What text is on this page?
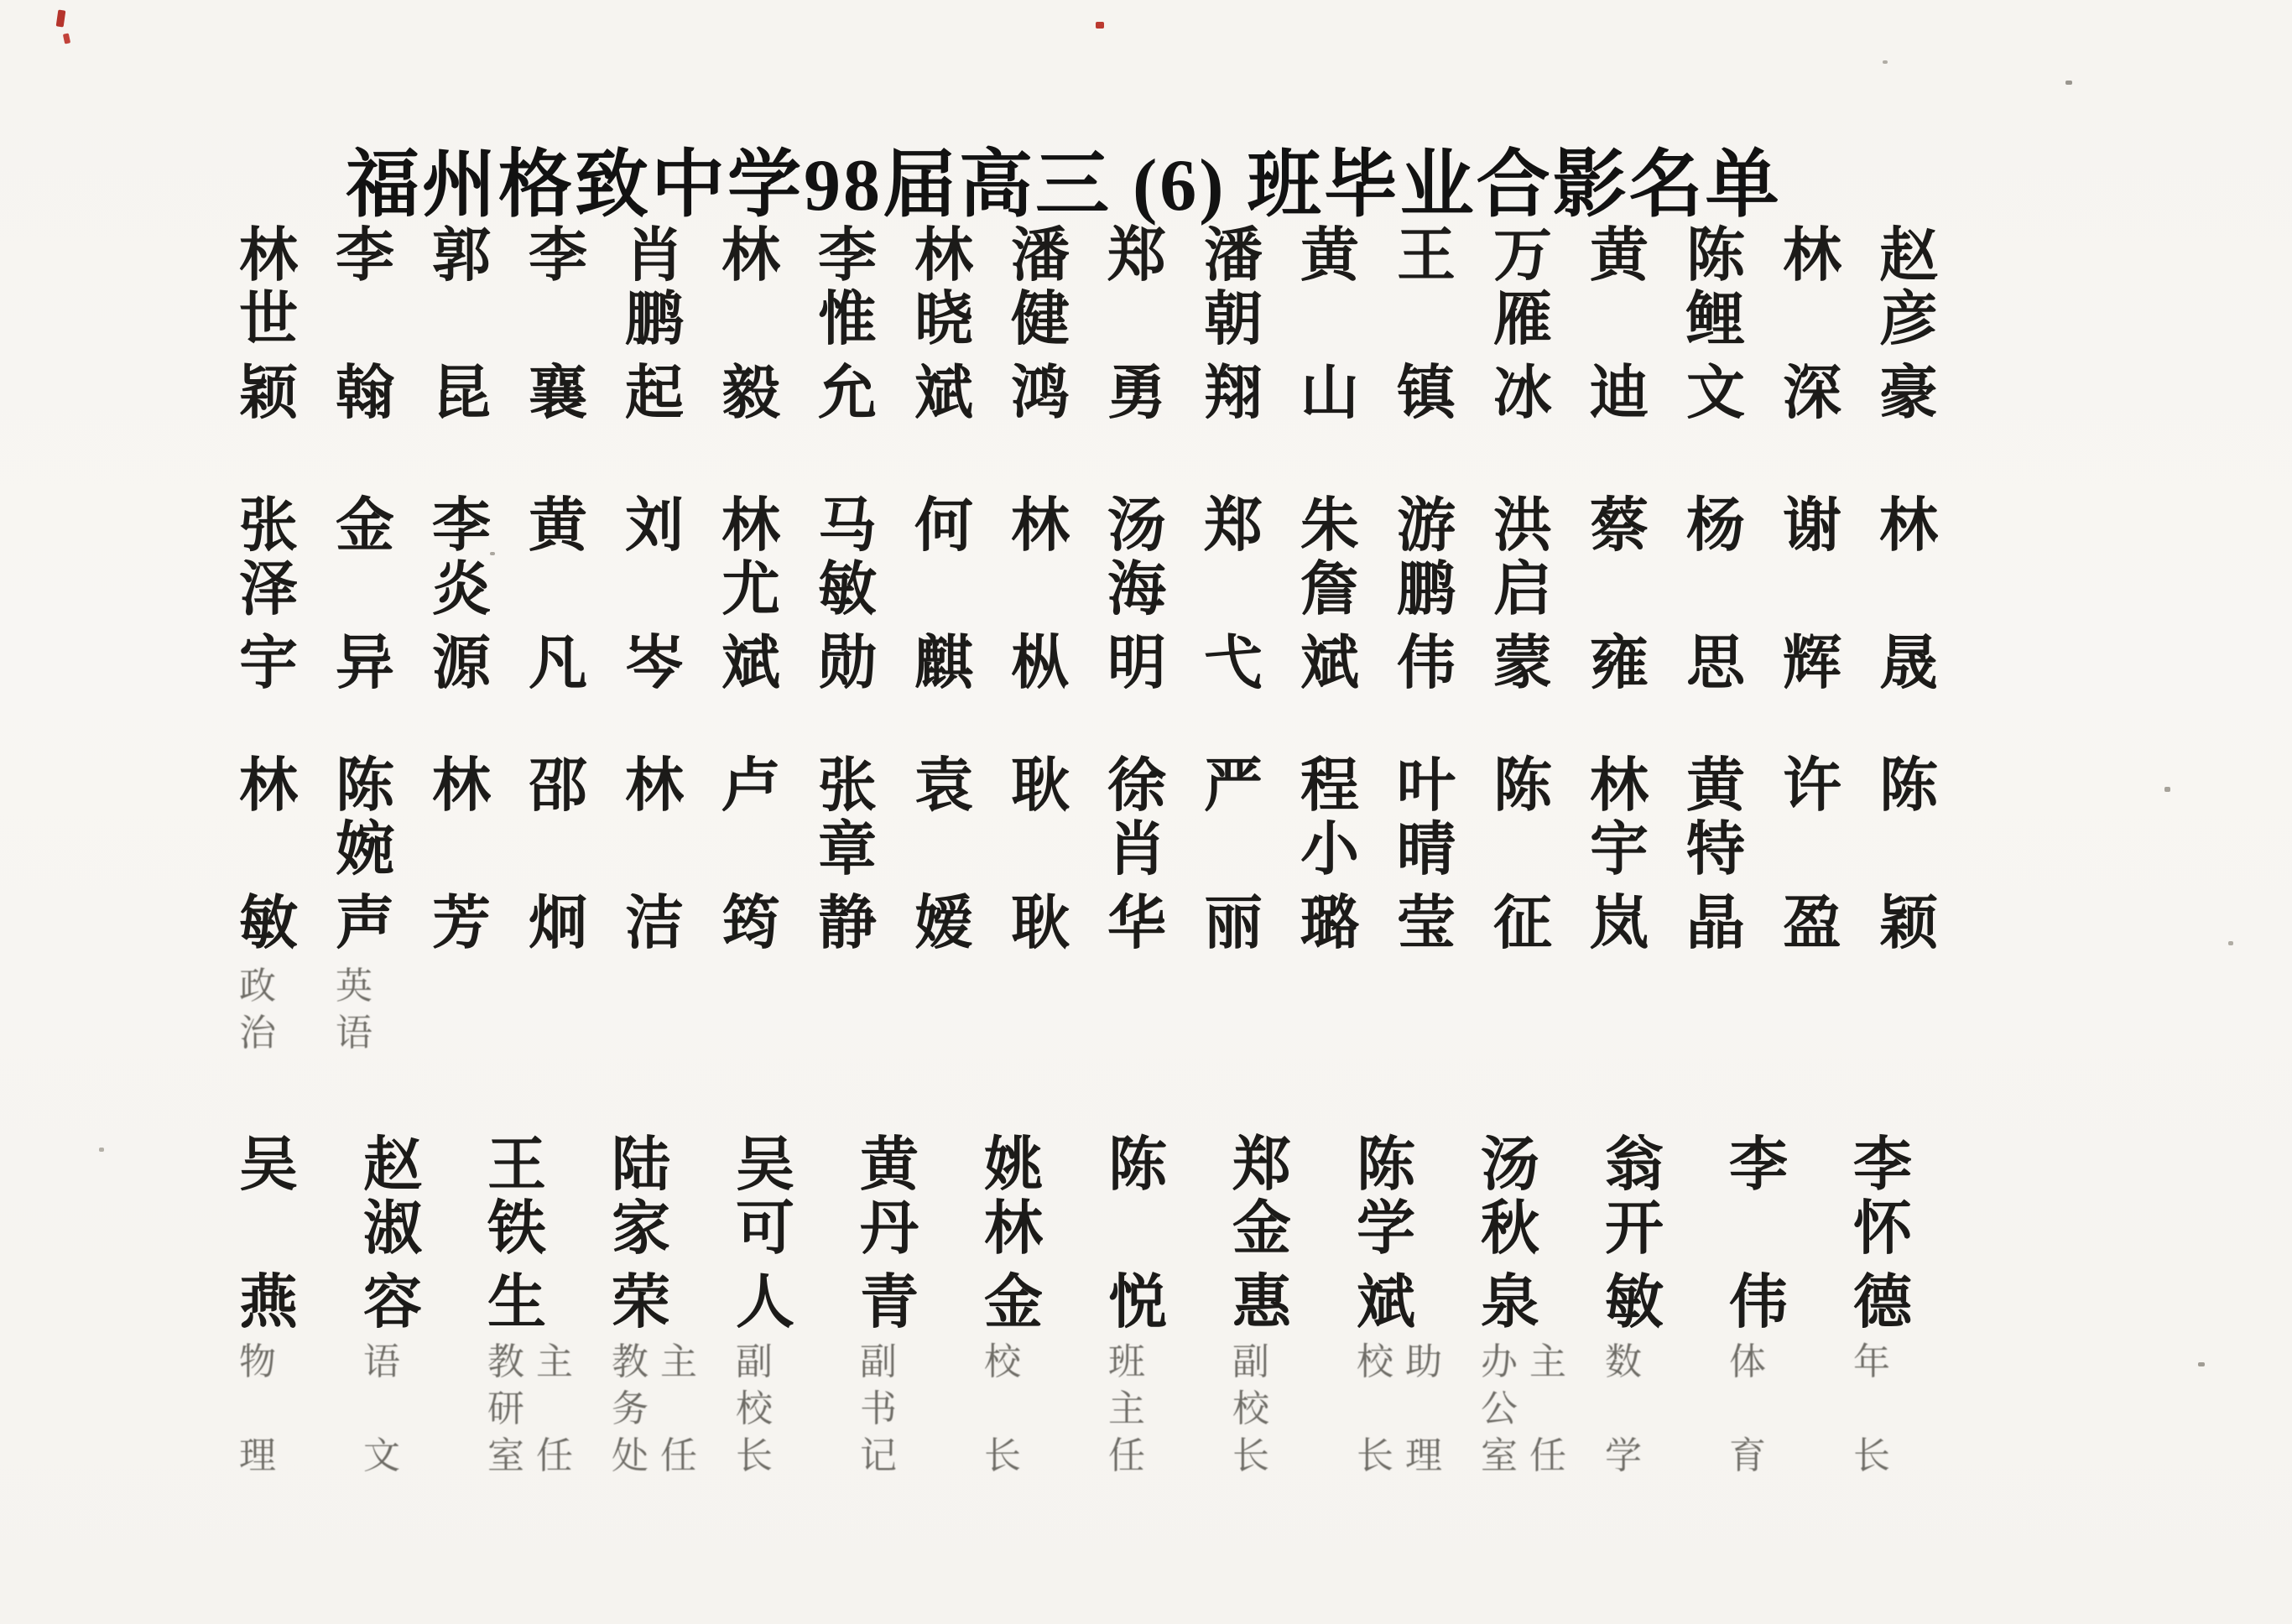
福州格致中学98届高三 (6) 班毕业合影名单
林
世
颖
李
翰
郭
昆
李
襄
肖
鹏
起
林
毅
李
惟
允
林
晓
斌
潘
健
鸿
郑
勇
潘
朝
翔
黄
山
王
镇
万
雁
冰
黄
迪
陈
鲤
文
林
深
赵
彦
豪
张
泽
宇
金
异
李
炎
源
黄
凡
刘
岑
林
尤
斌
马
敏
勋
何
麒
林
枞
汤
海
明
郑
弋
朱
詹
斌
游
鹏
伟
洪
启
蒙
蔡
雍
杨
思
谢
辉
林
晟
林
敏
政
治
陈
婉
声
英
语
林
芳
邵
炯
林
洁
卢
筠
张
章
静
袁
嫒
耿
耿
徐
肖
华
严
丽
程
小
璐
叶
晴
莹
陈
征
林
宇
岚
黄
特
晶
许
盈
陈
颖
吴
燕
物
理
赵
淑
容
语
文
王
铁
生
教
研
室
主
任
陆
家
荣
教
务
处
主
任
吴
可
人
副
校
长
黄
丹
青
副
书
记
姚
林
金
校
长
陈
悦
班
主
任
郑
金
惠
副
校
长
陈
学
斌
校
长
助
理
汤
秋
泉
办
公
室
主
任
翁
开
敏
数
学
李
伟
体
育
李
怀
德
年
长
